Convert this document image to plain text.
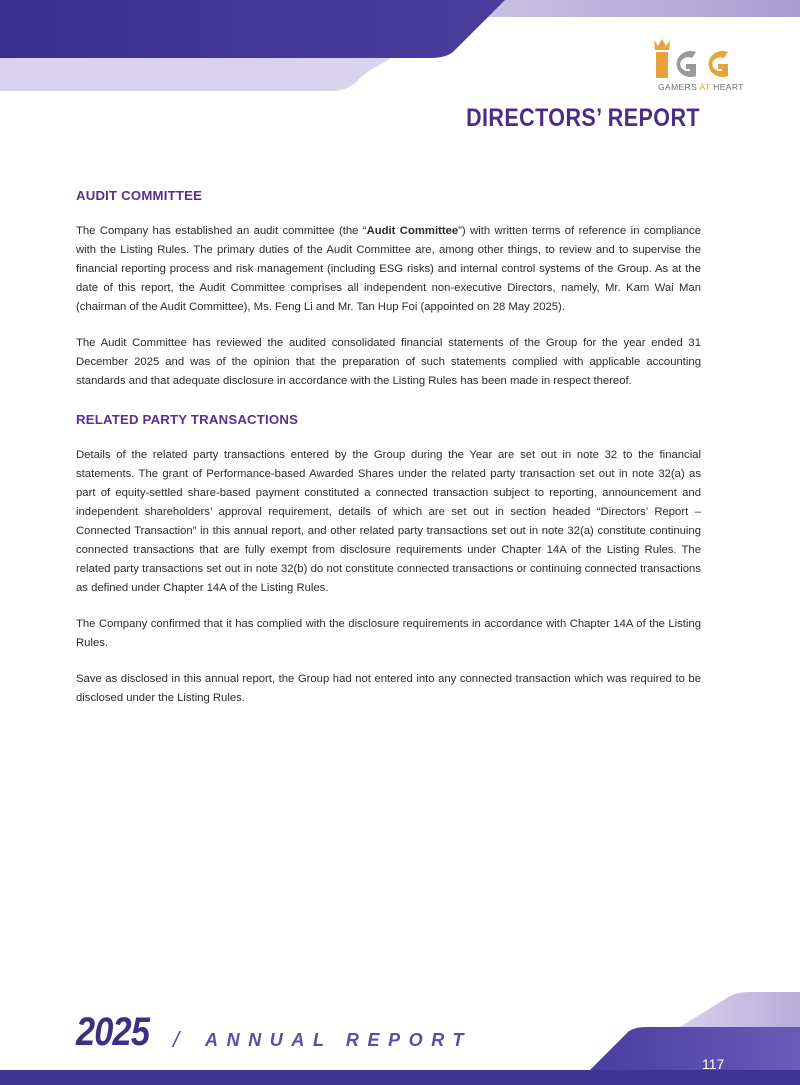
GAMERS AT HEART
DIRECTORS’ REPORT
AUDIT COMMITTEE

The Company has established an audit committee (the “Audit Committee”) with written terms of reference in compliance with the Listing Rules. The primary duties of the Audit Committee are, among other things, to review and to supervise the financial reporting process and risk management (including ESG risks) and internal control systems of the Group. As at the date of this report, the Audit Committee comprises all independent non-executive Directors, namely, Mr. Kam Wai Man (chairman of the Audit Committee), Ms. Feng Li and Mr. Tan Hup Foi (appointed on 28 May 2025).

The Audit Committee has reviewed the audited consolidated financial statements of the Group for the year ended 31 December 2025 and was of the opinion that the preparation of such statements complied with applicable accounting standards and that adequate disclosure in accordance with the Listing Rules has been made in respect thereof.

RELATED PARTY TRANSACTIONS

Details of the related party transactions entered by the Group during the Year are set out in note 32 to the financial statements. The grant of Performance-based Awarded Shares under the related party transaction set out in note 32(a) as part of equity-settled share-based payment constituted a connected transaction subject to reporting, announcement and independent shareholders’ approval requirement, details of which are set out in section headed “Directors’ Report – Connected Transaction” in this annual report, and other related party transactions set out in note 32(a) constitute continuing connected transactions that are fully exempt from disclosure requirements under Chapter 14A of the Listing Rules. The related party transactions set out in note 32(b) do not constitute connected transactions or continuing connected transactions as defined under Chapter 14A of the Listing Rules.

The Company confirmed that it has complied with the disclosure requirements in accordance with Chapter 14A of the Listing Rules.

Save as disclosed in this annual report, the Group had not entered into any connected transaction which was required to be disclosed under the Listing Rules.

2025 / ANNUAL REPORT
117
